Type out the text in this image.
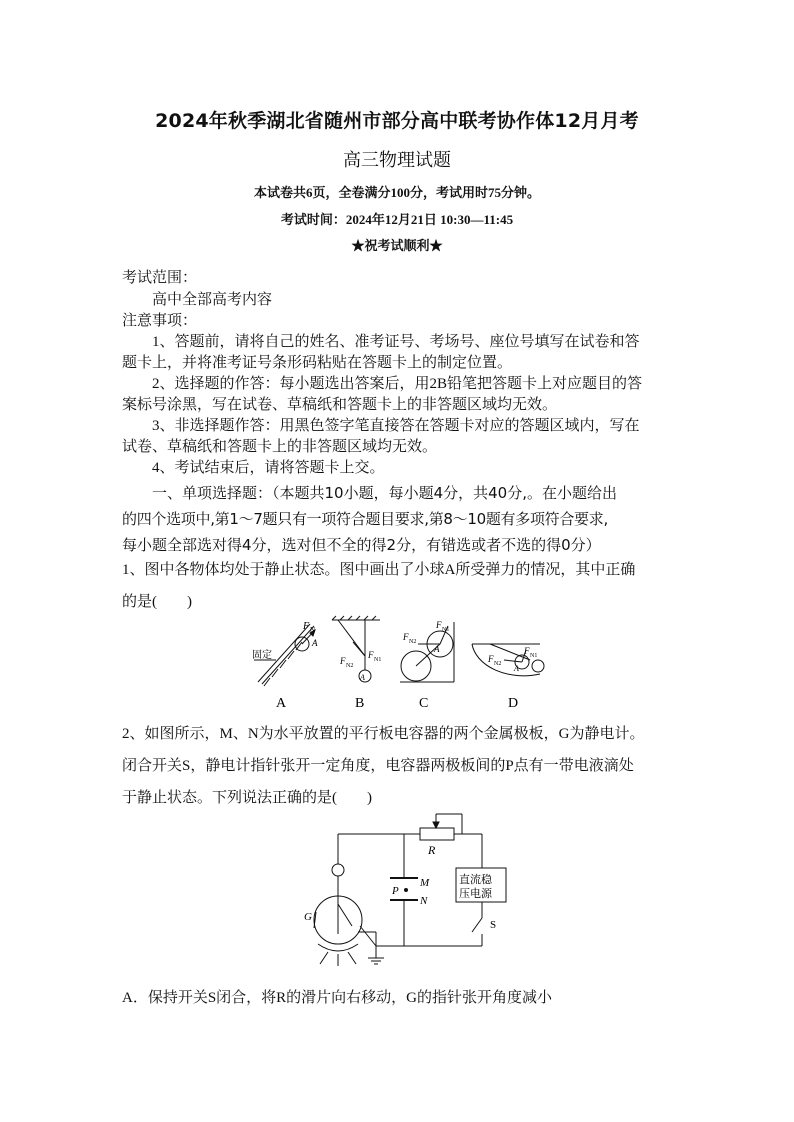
2024年秋季湖北省随州市部分高中联考协作体12月月考
高三物理试题
本试卷共6页，全卷满分100分，考试用时75分钟。
考试时间：2024年12月21日 10:30—11:45
★祝考试顺利★
考试范围：
高中全部高考内容
注意事项：
1、答题前，请将自己的姓名、准考证号、考场号、座位号填写在试卷和答
题卡上，并将准考证号条形码粘贴在答题卡上的制定位置。
2、选择题的作答：每小题选出答案后，用2B铅笔把答题卡上对应题目的答
案标号涂黑，写在试卷、草稿纸和答题卡上的非答题区域均无效。
3、非选择题作答：用黑色签字笔直接答在答题卡对应的答题区域内，写在
试卷、草稿纸和答题卡上的非答题区域均无效。
4、考试结束后，请将答题卡上交。
一、单项选择题：（本题共10小题，每小题4分，共40分,。在小题给出
的四个选项中,第1～7题只有一项符合题目要求,第8～10题有多项符合要求,
每小题全部选对得4分，选对但不全的得2分，有错选或者不选的得0分）
1、图中各物体均处于静止状态。图中画出了小球A所受弹力的情况，其中正确
的是(　　)
固定
F N
A
A
F N2
F N1
F N2
F N1
A
F N2
F N1
A
A	B	C	D
2、如图所示，M、N为水平放置的平行板电容器的两个金属极板，G为静电计。
闭合开关S，静电计指针张开一定角度，电容器两极板间的P点有一带电液滴处
于静止状态。下列说法正确的是(　　)
R
M
P
N
G
S
直流稳
压电源
A．保持开关S闭合，将R的滑片向右移动，G的指针张开角度减小
